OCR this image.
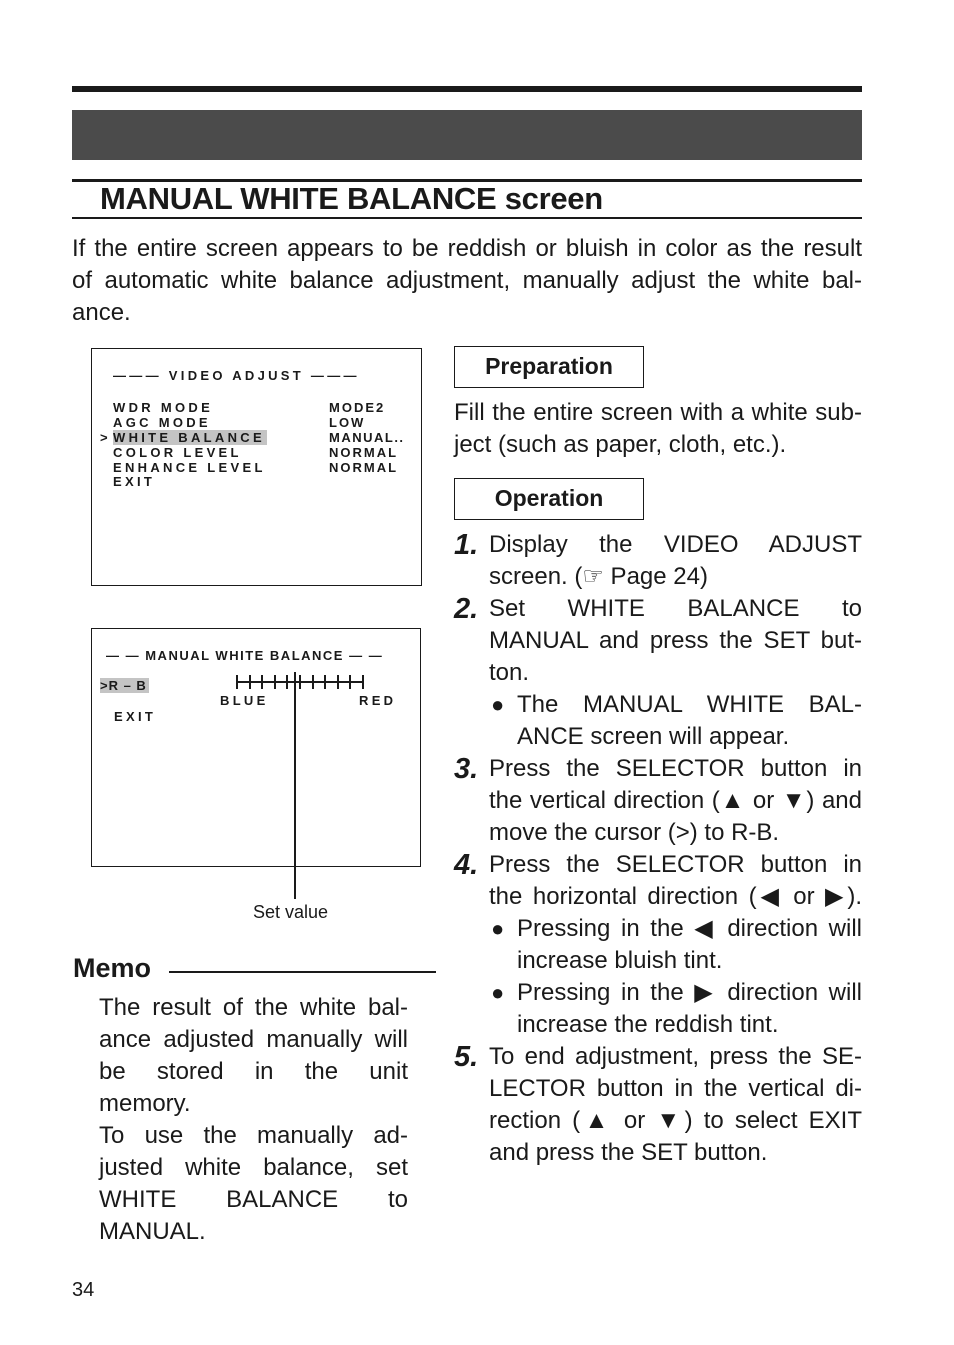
MANUAL WHITE BALANCE screen
If the entire screen appears to be reddish or bluish in color as the result
of automatic white balance adjustment, manually adjust the white bal-
ance.
——— VIDEO ADJUST ———
WDR MODE
AGC MODE
> WHITE BALANCE
COLOR LEVEL
ENHANCE LEVEL
EXIT
MODE2
LOW
MANUAL..
NORMAL
NORMAL
— — MANUAL WHITE BALANCE — —
>R – B
EXIT
BLUE	RED
Set value
Memo
The result of the white bal-
ance adjusted manually will
be stored in the unit
memory.
To use the manually ad-
justed white balance, set
WHITE BALANCE to
MANUAL.
Preparation
Fill the entire screen with a white sub-
ject (such as paper, cloth, etc.).
Operation
1. Display the VIDEO ADJUST
screen. (☞ Page 24)
2. Set WHITE BALANCE to
MANUAL and press the SET but-
ton.
● The MANUAL WHITE BAL-
ANCE screen will appear.
3. Press the SELECTOR button in
the vertical direction (▲ or ▼) and
move the cursor (>) to R-B.
4. Press the SELECTOR button in
the horizontal direction (◀ or ▶).
● Pressing in the ◀ direction will
increase bluish tint.
● Pressing in the ▶ direction will
increase the reddish tint.
5. To end adjustment, press the SE-
LECTOR button in the vertical di-
rection (▲ or ▼) to select EXIT
and press the SET button.
34
